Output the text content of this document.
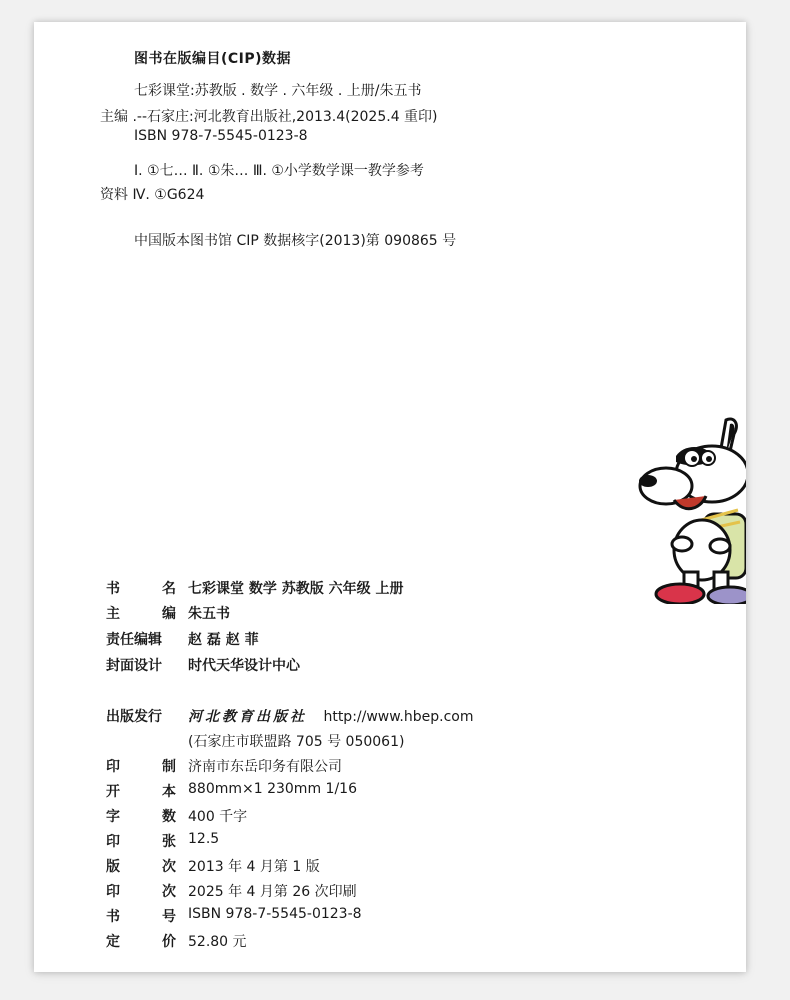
图书在版编目(CIP)数据
七彩课堂:苏教版 . 数学 . 六年级 . 上册/朱五书
主编 .--石家庄:河北教育出版社,2013.4(2025.4 重印)
ISBN 978-7-5545-0123-8
Ⅰ. ①七… Ⅱ. ①朱… Ⅲ. ①小学数学课一教学参考
资料 Ⅳ. ①G624
中国版本图书馆 CIP 数据核字(2013)第 090865 号
书	名 七彩课堂 数学 苏教版 六年级 上册
主	编 朱五书
责任编辑	赵 磊 赵 菲
封面设计	时代天华设计中心
出版发行	河北教育出版社 http://www.hbep.com
(石家庄市联盟路 705 号 050061)
印	制 济南市东岳印务有限公司
开	本 880mm×1 230mm 1/16
字	数 400 千字
印	张 12.5
版	次 2013 年 4 月第 1 版
印	次 2025 年 4 月第 26 次印刷
书	号 ISBN 978-7-5545-0123-8
定	价 52.80 元
